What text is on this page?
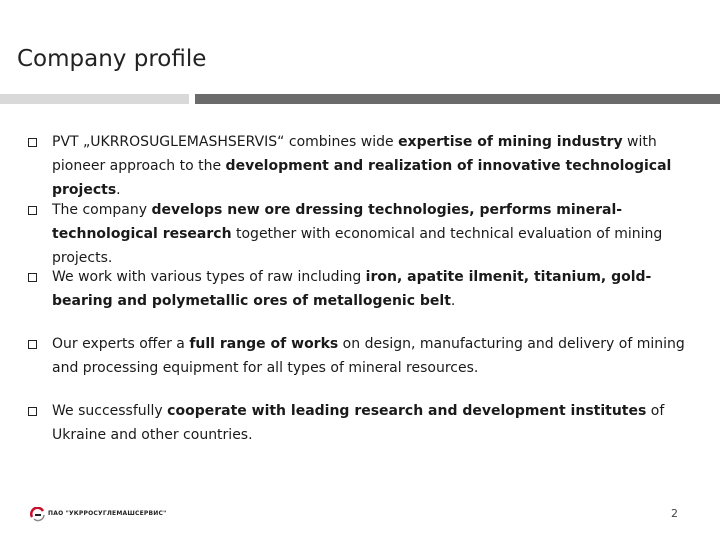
Company profile
PVT „UKRROSUGLEMASHSERVIS“ combines wide expertise of mining industry with pioneer approach to the development and realization of innovative technological projects.
The company develops new ore dressing technologies, performs mineral-technological research together with economical and technical evaluation of mining projects.
We work with various types of raw including iron, apatite ilmenit, titanium, gold-bearing and polymetallic ores of metallogenic belt.
Our experts offer a full range of works on design, manufacturing and delivery of mining and processing equipment for all types of mineral resources.
We successfully cooperate with leading research and development institutes of Ukraine and other countries.
ПАО "УКРРОСУГЛЕМАШСЕРВИС"	2
